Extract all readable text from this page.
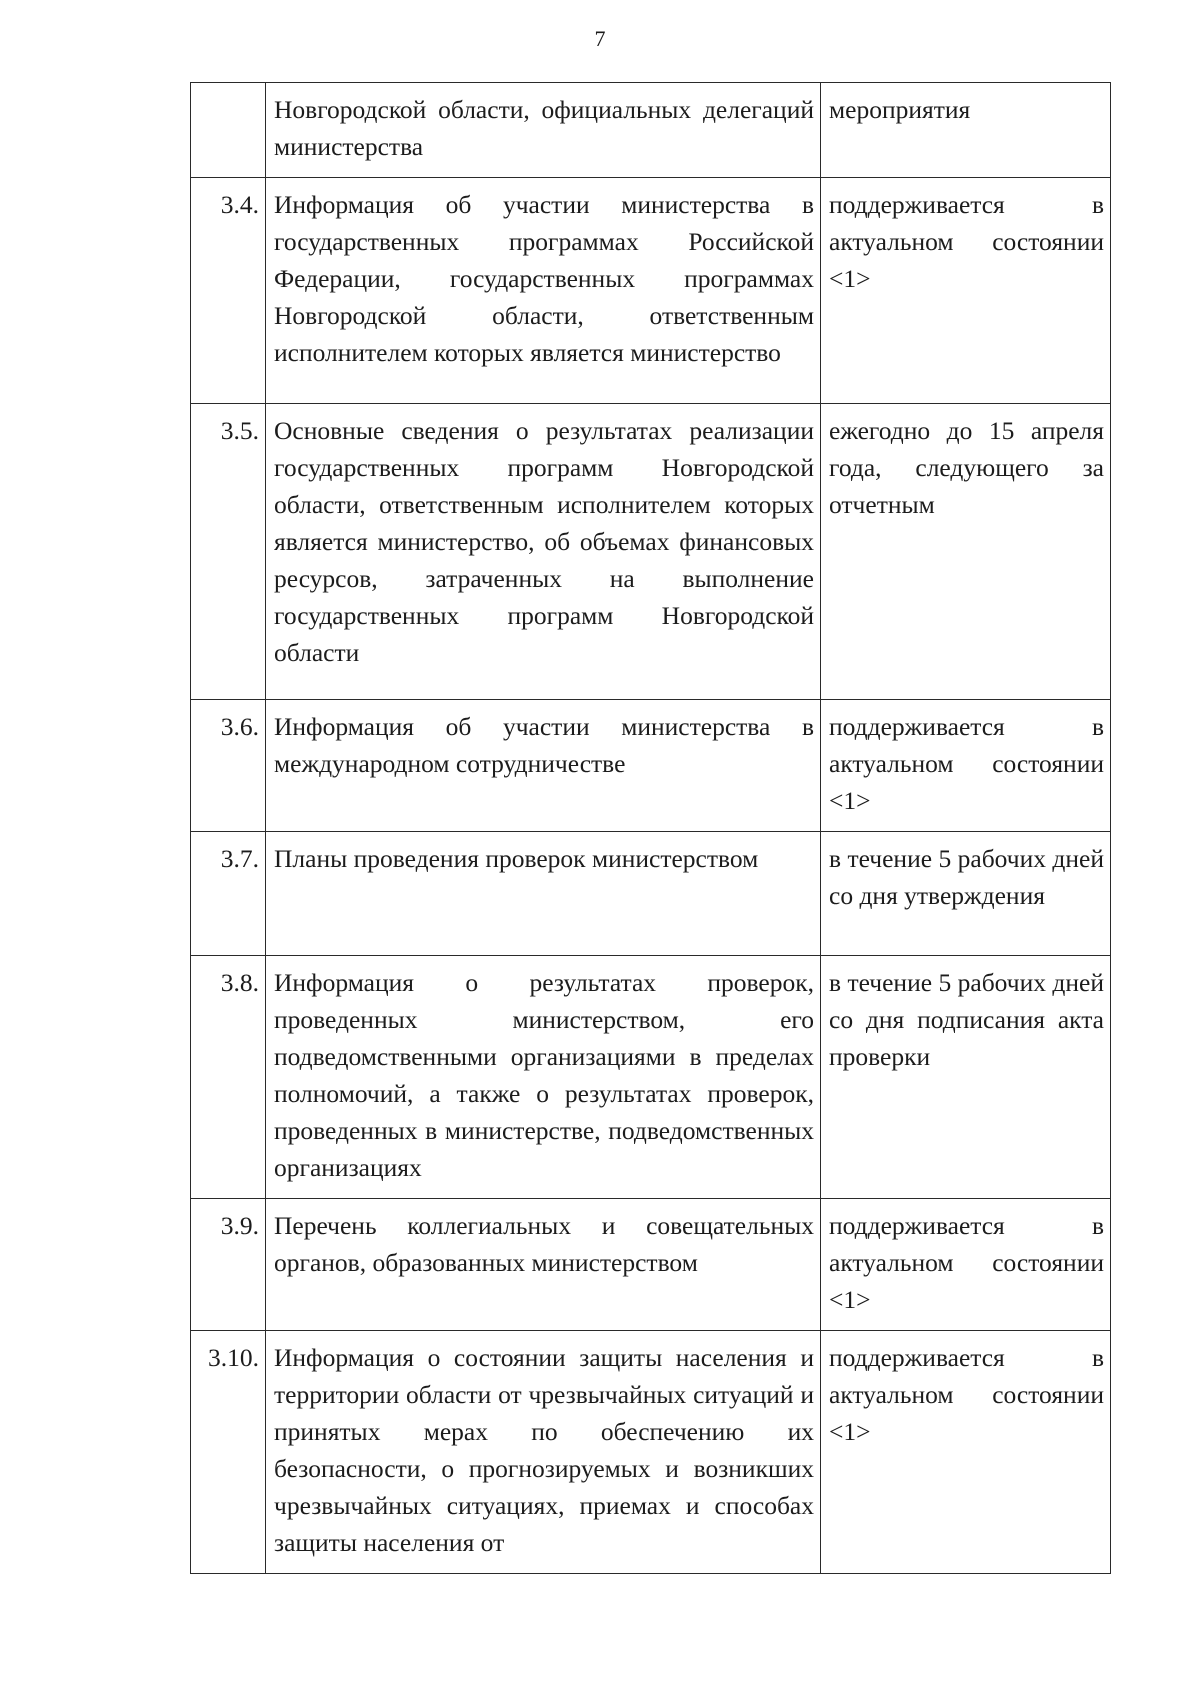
7
	Новгородской области, официальных делегаций министерства	мероприятия
3.4.	Информация об участии министерства в государственных программах Российской Федерации, государственных программах Новгородской области, ответственным исполнителем которых является министерство	поддерживается в актуальном состоянии <1>
3.5.	Основные сведения о результатах реализации государственных программ Новгородской области, ответственным исполнителем которых является министерство, об объемах финансовых ресурсов, затраченных на выполнение государственных программ Новгородской области	ежегодно до 15 апреля года, следующего за отчетным
3.6.	Информация об участии министерства в международном сотрудничестве	поддерживается в актуальном состоянии <1>
3.7.	Планы проведения проверок министерством	в течение 5 рабочих дней со дня утверждения
3.8.	Информация о результатах проверок, проведенных министерством, его подведомственными организациями в пределах полномочий, а также о результатах проверок, проведенных в министерстве, подведомственных организациях	в течение 5 рабочих дней со дня подписания акта проверки
3.9.	Перечень коллегиальных и совещательных органов, образованных министерством	поддерживается в актуальном состоянии <1>
3.10.	Информация о состоянии защиты населения и территории области от чрезвычайных ситуаций и принятых мерах по обеспечению их безопасности, о прогнозируемых и возникших чрезвычайных ситуациях, приемах и способах защиты населения от	поддерживается в актуальном состоянии <1>
